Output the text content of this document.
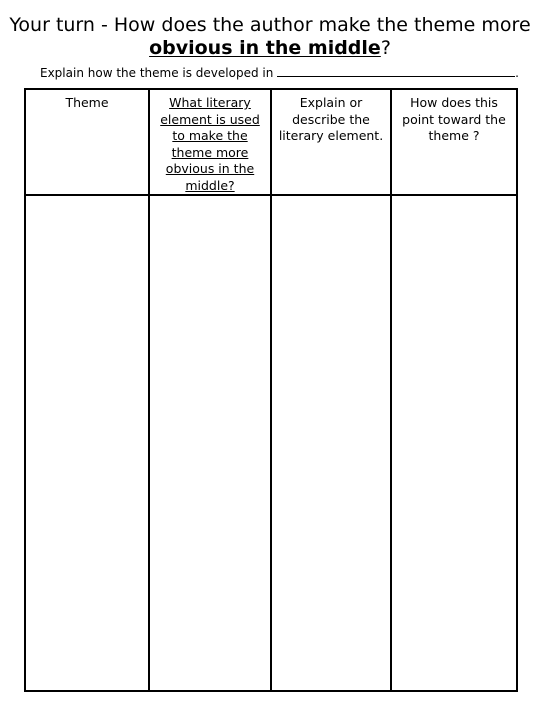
Your turn - How does the author make the theme more
obvious in the middle?
Explain how the theme is developed in	.
Theme	What literary element is used to make the theme more obvious in the middle?	Explain or describe the literary element.	How does this point toward the theme ?
